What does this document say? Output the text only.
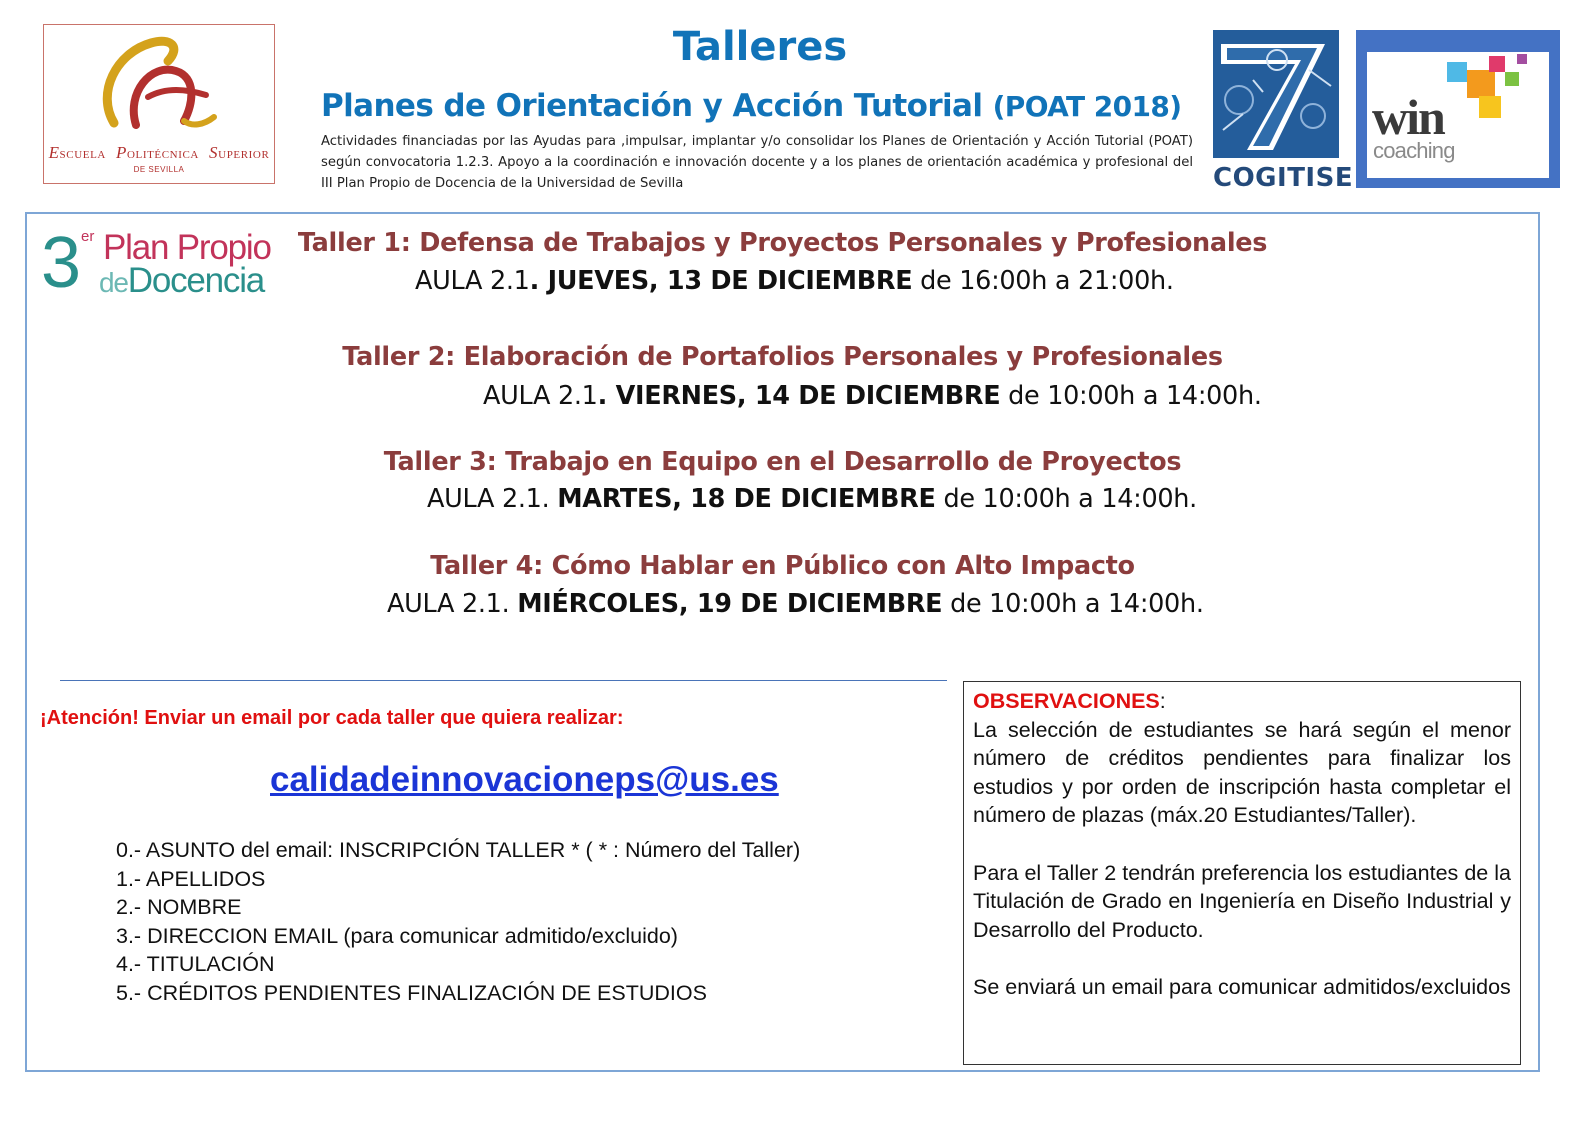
ESCUELA POLITÉCNICA SUPERIOR
DE SEVILLA
Talleres
Planes de Orientación y Acción Tutorial (POAT 2018)
Actividades financiadas por las Ayudas para ,impulsar, implantar y/o consolidar los Planes de Orientación y Acción Tutorial (POAT) según convocatoria 1.2.3. Apoyo a la coordinación e innovación docente y a los planes de orientación académica y profesional del III Plan Propio de Docencia de la Universidad de Sevilla	COGITISE
win
coaching
3 er Plan Propio
deDocencia
Taller 1: Defensa de Trabajos y Proyectos Personales y Profesionales
AULA 2.1. JUEVES, 13 DE DICIEMBRE de 16:00h a 21:00h.
Taller 2: Elaboración de Portafolios Personales y Profesionales
AULA 2.1. VIERNES, 14 DE DICIEMBRE de 10:00h a 14:00h.
Taller 3: Trabajo en Equipo en el Desarrollo de Proyectos
AULA 2.1. MARTES, 18 DE DICIEMBRE de 10:00h a 14:00h.
Taller 4: Cómo Hablar en Público con Alto Impacto
AULA 2.1. MIÉRCOLES, 19 DE DICIEMBRE de 10:00h a 14:00h.
¡Atención! Enviar un email por cada taller que quiera realizar:
calidadeinnovacioneps@us.es
0.- ASUNTO del email: INSCRIPCIÓN TALLER * ( * : Número del Taller)
1.- APELLIDOS
2.- NOMBRE
3.- DIRECCION EMAIL (para comunicar admitido/excluido)
4.- TITULACIÓN
5.- CRÉDITOS PENDIENTES FINALIZACIÓN DE ESTUDIOS
OBSERVACIONES:

La selección de estudiantes se hará según el menor número de créditos pendientes para finalizar los estudios y por orden de inscripción hasta completar el número de plazas (máx.20 Estudiantes/Taller).

Para el Taller 2 tendrán preferencia los estudiantes de la Titulación de Grado en Ingeniería en Diseño Industrial y Desarrollo del Producto.

Se enviará un email para comunicar admitidos/excluidos
